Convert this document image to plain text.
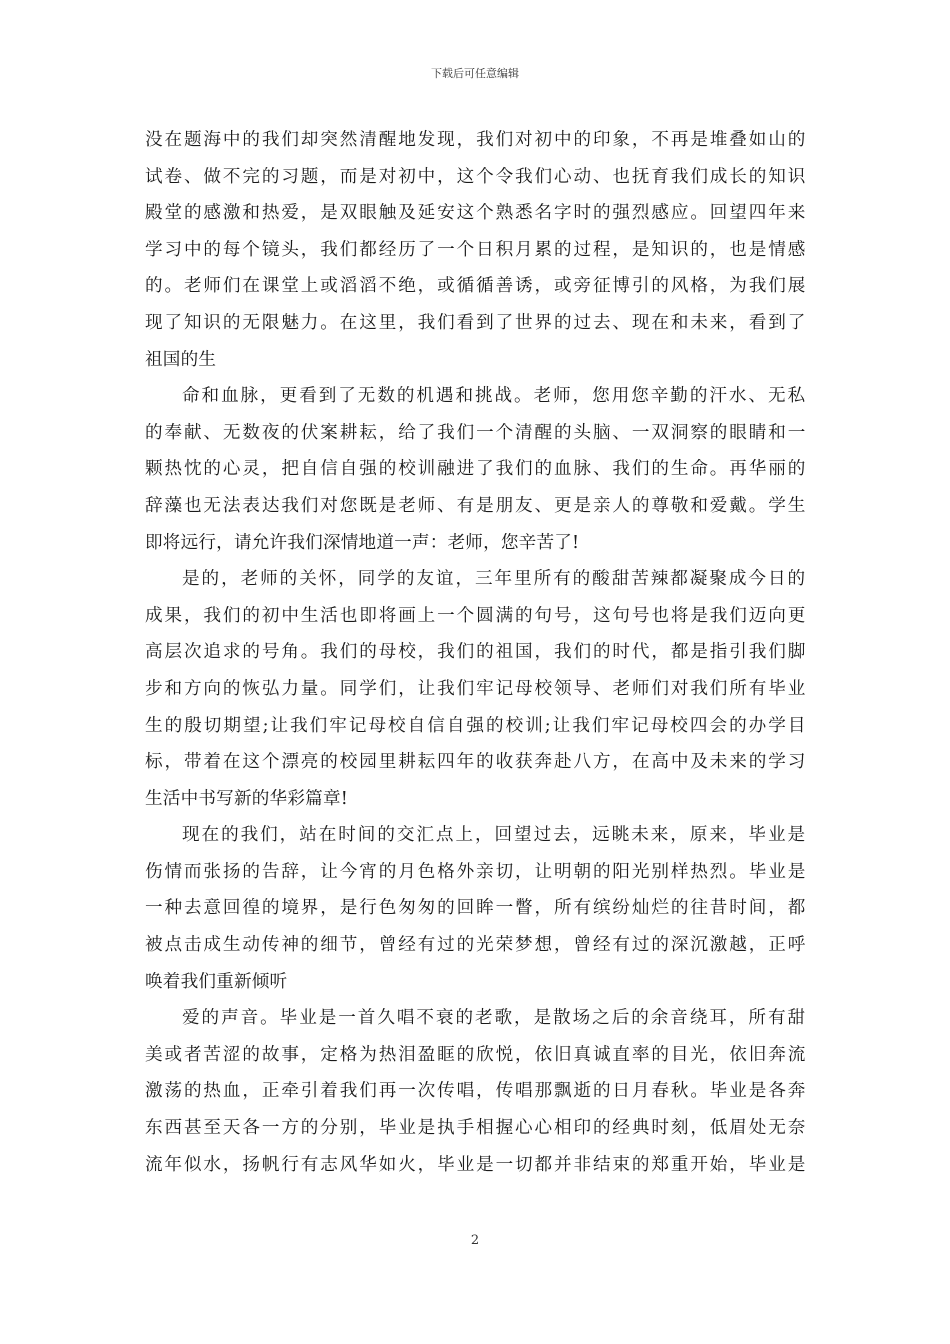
下载后可任意编辑
没在题海中的我们却突然清醒地发现，我们对初中的印象，不再是堆叠如山的
试卷、做不完的习题，而是对初中，这个令我们心动、也抚育我们成长的知识
殿堂的感激和热爱，是双眼触及延安这个熟悉名字时的强烈感应。回望四年来
学习中的每个镜头，我们都经历了一个日积月累的过程，是知识的，也是情感
的。老师们在课堂上或滔滔不绝，或循循善诱，或旁征博引的风格，为我们展
现了知识的无限魅力。在这里，我们看到了世界的过去、现在和未来，看到了
祖国的生
命和血脉，更看到了无数的机遇和挑战。老师，您用您辛勤的汗水、无私
的奉献、无数夜的伏案耕耘，给了我们一个清醒的头脑、一双洞察的眼睛和一
颗热忱的心灵，把自信自强的校训融进了我们的血脉、我们的生命。再华丽的
辞藻也无法表达我们对您既是老师、有是朋友、更是亲人的尊敬和爱戴。学生
即将远行，请允许我们深情地道一声：老师，您辛苦了!
是的，老师的关怀，同学的友谊，三年里所有的酸甜苦辣都凝聚成今日的
成果，我们的初中生活也即将画上一个圆满的句号，这句号也将是我们迈向更
高层次追求的号角。我们的母校，我们的祖国，我们的时代，都是指引我们脚
步和方向的恢弘力量。同学们，让我们牢记母校领导、老师们对我们所有毕业
生的殷切期望;让我们牢记母校自信自强的校训;让我们牢记母校四会的办学目
标，带着在这个漂亮的校园里耕耘四年的收获奔赴八方，在高中及未来的学习
生活中书写新的华彩篇章!
现在的我们，站在时间的交汇点上，回望过去，远眺未来，原来，毕业是
伤情而张扬的告辞，让今宵的月色格外亲切，让明朝的阳光别样热烈。毕业是
一种去意回徨的境界，是行色匆匆的回眸一瞥，所有缤纷灿烂的往昔时间，都
被点击成生动传神的细节，曾经有过的光荣梦想，曾经有过的深沉激越，正呼
唤着我们重新倾听
爱的声音。毕业是一首久唱不衰的老歌，是散场之后的余音绕耳，所有甜
美或者苦涩的故事，定格为热泪盈眶的欣悦，依旧真诚直率的目光，依旧奔流
激荡的热血，正牵引着我们再一次传唱，传唱那飘逝的日月春秋。毕业是各奔
东西甚至天各一方的分别，毕业是执手相握心心相印的经典时刻，低眉处无奈
流年似水，扬帆行有志风华如火，毕业是一切都并非结束的郑重开始，毕业是
2
